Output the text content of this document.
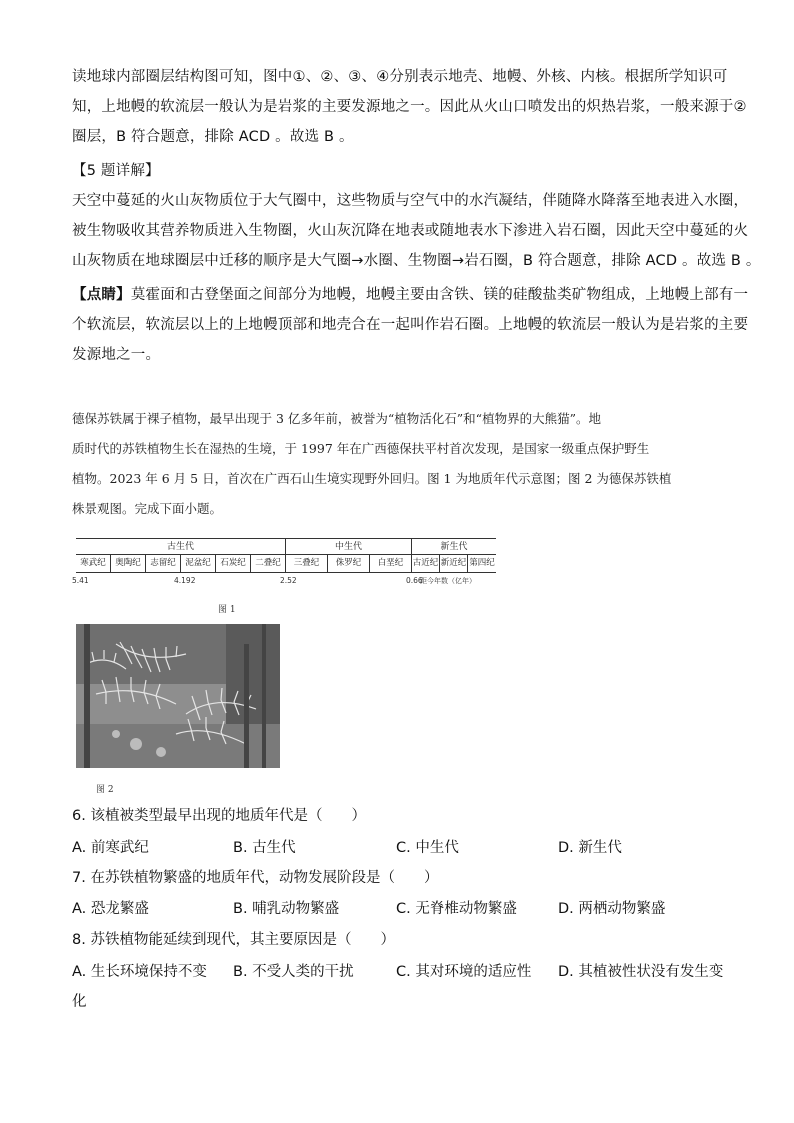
读地球内部圈层结构图可知，图中①、②、③、④分别表示地壳、地幔、外核、内核。根据所学知识可
知，上地幔的软流层一般认为是岩浆的主要发源地之一。因此从火山口喷发出的炽热岩浆，一般来源于②
圈层，B 符合题意，排除 ACD 。故选 B 。
【5 题详解】
天空中蔓延的火山灰物质位于大气圈中，这些物质与空气中的水汽凝结，伴随降水降落至地表进入水圈，
被生物吸收其营养物质进入生物圈，火山灰沉降在地表或随地表水下渗进入岩石圈，因此天空中蔓延的火
山灰物质在地球圈层中迁移的顺序是大气圈→水圈、生物圈→岩石圈，B 符合题意，排除 ACD 。故选 B 。
【点睛】莫霍面和古登堡面之间部分为地幔，地幔主要由含铁、镁的硅酸盐类矿物组成，上地幔上部有一
个软流层，软流层以上的上地幔顶部和地壳合在一起叫作岩石圈。上地幔的软流层一般认为是岩浆的主要
发源地之一。
德保苏铁属于裸子植物，最早出现于 3 亿多年前，被誉为“植物活化石”和“植物界的大熊猫”。地
质时代的苏铁植物生长在湿热的生境，于 1997 年在广西德保扶平村首次发现，是国家一级重点保护野生
植物。2023 年 6 月 5 日，首次在广西石山生境实现野外回归。图 1 为地质年代示意图；图 2 为德保苏铁植
株景观图。完成下面小题。
古生代	中生代	新生代
寒武纪	奥陶纪	志留纪	泥盆纪	石炭纪	二叠纪	三叠纪	侏罗纪	白垩纪	古近纪 新近纪 第四纪
5.41	4.192	2.52	0.66
距今年数（亿年）
图 1
图 2
6. 该植被类型最早出现的地质年代是（　　）
A. 前寒武纪	B. 古生代	C. 中生代	D. 新生代
7. 在苏铁植物繁盛的地质年代，动物发展阶段是（　　）
A. 恐龙繁盛	B. 哺乳动物繁盛	C. 无脊椎动物繁盛	D. 两栖动物繁盛
8. 苏铁植物能延续到现代，其主要原因是（　　）
A. 生长环境保持不变 B. 不受人类的干扰	C. 其对环境的适应性 D. 其植被性状没有发生变
化
